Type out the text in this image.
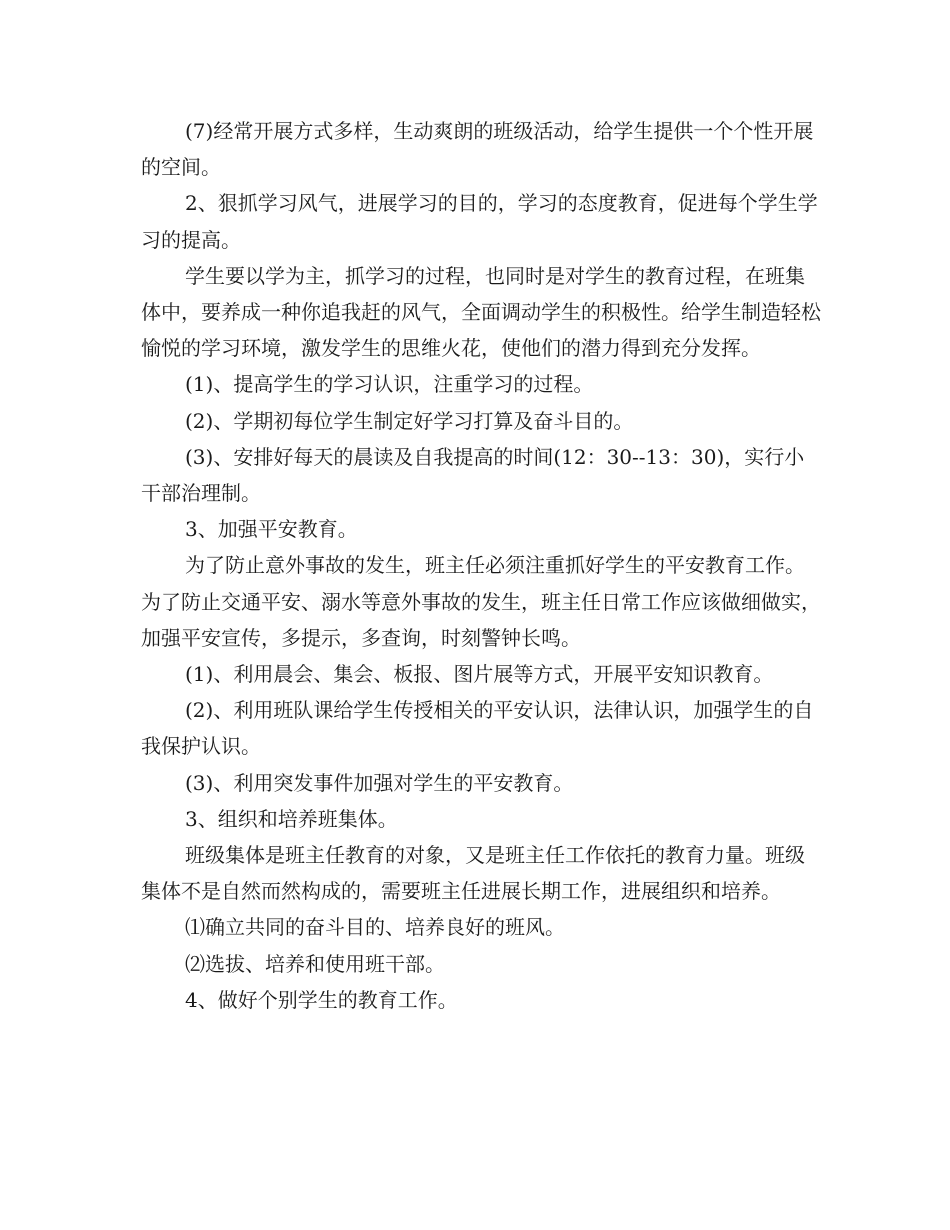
(7)经常开展方式多样，生动爽朗的班级活动，给学生提供一个个性开展的空间。

2、狠抓学习风气，进展学习的目的，学习的态度教育，促进每个学生学习的提高。

学生要以学为主，抓学习的过程，也同时是对学生的教育过程，在班集体中，要养成一种你追我赶的风气，全面调动学生的积极性。给学生制造轻松愉悦的学习环境，激发学生的思维火花，使他们的潜力得到充分发挥。

(1)、提高学生的学习认识，注重学习的过程。

(2)、学期初每位学生制定好学习打算及奋斗目的。

(3)、安排好每天的晨读及自我提高的时间(12：30--13：30)，实行小干部治理制。

3、加强平安教育。

为了防止意外事故的发生，班主任必须注重抓好学生的平安教育工作。为了防止交通平安、溺水等意外事故的发生，班主任日常工作应该做细做实，加强平安宣传，多提示，多查询，时刻警钟长鸣。

(1)、利用晨会、集会、板报、图片展等方式，开展平安知识教育。

(2)、利用班队课给学生传授相关的平安认识，法律认识，加强学生的自我保护认识。

(3)、利用突发事件加强对学生的平安教育。

3、组织和培养班集体。

班级集体是班主任教育的对象，又是班主任工作依托的教育力量。班级集体不是自然而然构成的，需要班主任进展长期工作，进展组织和培养。

⑴确立共同的奋斗目的、培养良好的班风。

⑵选拔、培养和使用班干部。

4、做好个别学生的教育工作。
